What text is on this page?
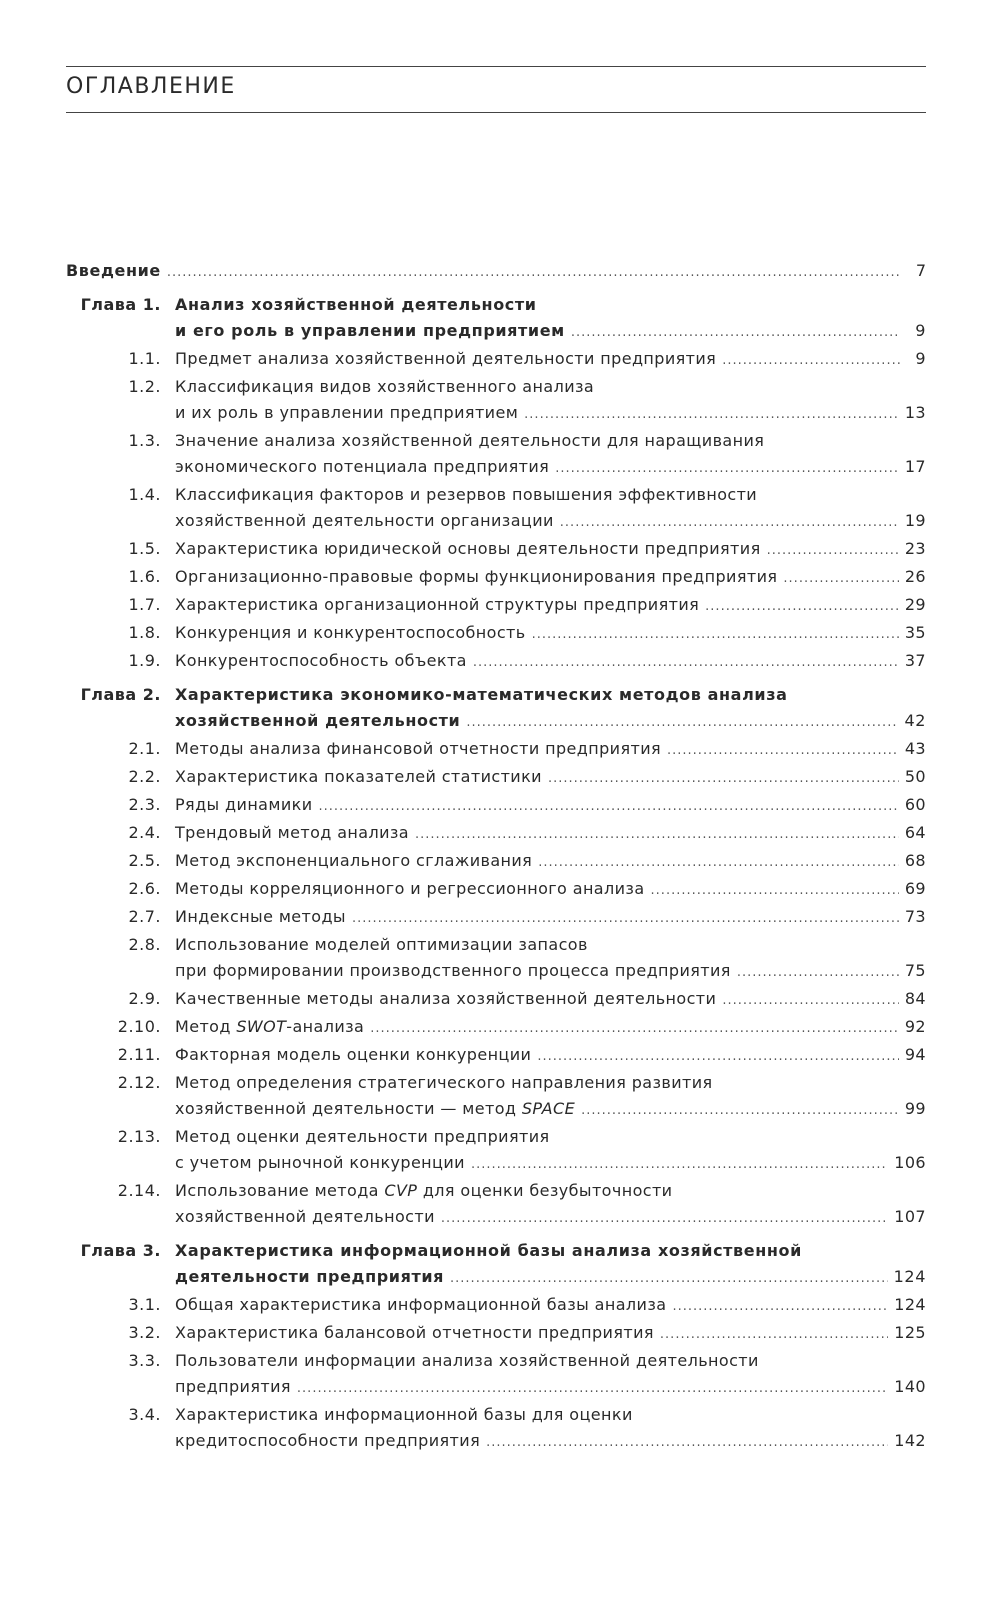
ОГЛАВЛЕНИЕ
Введение .....	7
Глава 1. Анализ хозяйственной деятельности
и его роль в управлении предприятием .....	9
1.1. Предмет анализа хозяйственной деятельности предприятия .....	9
1.2. Классификация видов хозяйственного анализа
и их роль в управлении предприятием .....	13
1.3. Значение анализа хозяйственной деятельности для наращивания
экономического потенциала предприятия .....	17
1.4. Классификация факторов и резервов повышения эффективности
хозяйственной деятельности организации .....	19
1.5. Характеристика юридической основы деятельности предприятия .....	23
1.6. Организационно-правовые формы функционирования предприятия .....	26
1.7. Характеристика организационной структуры предприятия .....	29
1.8. Конкуренция и конкурентоспособность .....	35
1.9. Конкурентоспособность объекта .....	37
Глава 2. Характеристика экономико-математических методов анализа
хозяйственной деятельности .....	42
2.1. Методы анализа финансовой отчетности предприятия .....	43
2.2. Характеристика показателей статистики .....	50
2.3. Ряды динамики .....	60
2.4. Трендовый метод анализа .....	64
2.5. Метод экспоненциального сглаживания .....	68
2.6. Методы корреляционного и регрессионного анализа .....	69
2.7. Индексные методы .....	73
2.8. Использование моделей оптимизации запасов
при формировании производственного процесса предприятия .....	75
2.9. Качественные методы анализа хозяйственной деятельности .....	84
2.10. Метод SWOT-анализа .....	92
2.11. Факторная модель оценки конкуренции .....	94
2.12. Метод определения стратегического направления развития
хозяйственной деятельности — метод SPACE .....	99
2.13. Метод оценки деятельности предприятия
с учетом рыночной конкуренции .....	106
2.14. Использование метода CVP для оценки безубыточности
хозяйственной деятельности .....	107
Глава 3. Характеристика информационной базы анализа хозяйственной
деятельности предприятия .....	124
3.1. Общая характеристика информационной базы анализа .....	124
3.2. Характеристика балансовой отчетности предприятия .....	125
3.3. Пользователи информации анализа хозяйственной деятельности
предприятия .....	140
3.4. Характеристика информационной базы для оценки
кредитоспособности предприятия .....	142
